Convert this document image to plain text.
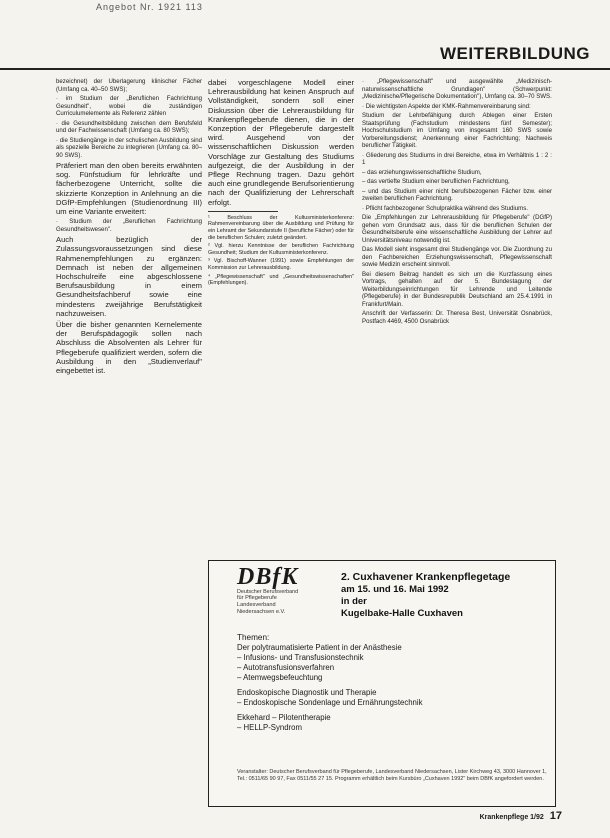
Angebot Nr. 1921 113
WEITERBILDUNG

bezeichnet) der Uberlagerung klinischer Fächer (Umfang ca. 40–50 SWS);

· im Studium der „Beruflichen Fachrichtung Gesundheit", wobei die zuständigen Curriculumelemente als Referenz zählen

· die Gesundheitsbildung zwischen dem Berufsfeld und der Fachwissenschaft (Umfang ca. 80 SWS);

· die Studiengänge in der schulischen Ausbildung sind als spezielle Bereiche zu integrieren (Umfang ca. 80–90 SWS).

Präferiert man den oben bereits erwähnten sog. Fünfstudium für lehrkräfte und fächerbezogene Unterricht, sollte die skizzierte Konzeption in Anlehnung an die DGfP-Empfehlungen (Studienordnung III) um eine Variante erweitert:

· Studium der „Beruflichen Fachrichtung Gesundheitswesen".

Auch bezüglich der Zulassungsvoraussetzungen sind diese Rahmenempfehlungen zu ergänzen: Demnach ist neben der allgemeinen Hochschulreife eine abgeschlossene Berufsausbildung in einem Gesundheitsfachberuf sowie eine mindestens zweijährige Berufstätigkeit nachzuweisen.

Über die bisher genannten Kernelemente der Berufspädagogik sollen nach Abschluss die Absolventen als Lehrer für Pflegeberufe qualifiziert werden, sofern die Ausbildung in den „Studienverlauf" eingebettet ist.

dabei vorgeschlagene Modell einer Lehrerausbildung hat keinen Anspruch auf Vollständigkeit, sondern soll einer Diskussion über die Lehrerausbildung für Krankenpflegeberufe dienen, die in der Konzeption der Pflegeberufe dargestellt wird. Ausgehend von der wissenschaftlichen Diskussion werden Vorschläge zur Gestaltung des Studiums aufgezeigt, die der Ausbildung in der Pflege Rechnung tragen. Dazu gehört auch eine grundlegende Berufsorientierung nach der Qualifizierung der Lehrerschaft erfolgt.

¹ Beschluss der Kultusministerkonferenz: Rahmenvereinbarung über die Ausbildung und Prüfung für ein Lehramt der Sekundarstufe II (berufliche Fächer) oder für die beruflichen Schulen; zuletzt geändert.

² Vgl. hierzu Kenntnisse der beruflichen Fachrichtung Gesundheit; Studium der Kultusministerkonferenz.

³ Vgl. Bischoff-Wanner (1991) sowie Empfehlungen der Kommission zur Lehrerausbildung.

⁴ „Pflegewissenschaft" und „Gesundheitswissenschaften" (Empfehlungen).

· „Pflegewissenschaft" und ausgewählte „Medizinisch-naturwissenschaftliche Grundlagen" (Schwerpunkt: „Medizinische/Pflegerische Dokumentation"), Umfang ca. 30–70 SWS.

· Die wichtigsten Aspekte der KMK-Rahmenvereinbarung sind:

Studium der Lehrbefähigung durch Ablegen einer Ersten Staatsprüfung (Fachstudium mindestens fünf Semester); Hochschulstudium im Umfang von insgesamt 160 SWS sowie Vorbereitungsdienst; Anerkennung einer Fachrichtung; Nachweis beruflicher Tätigkeit.

· Gliederung des Studiums in drei Bereiche, etwa im Verhältnis 1 : 2 : 1

– das erziehungswissenschaftliche Studium,

– das vertiefte Studium einer beruflichen Fachrichtung,

– und das Studium einer nicht berufsbezogenen Fächer bzw. einer zweiten beruflichen Fachrichtung.

· Pflicht fachbezogener Schulpraktika während des Studiums.

Die „Empfehlungen zur Lehrerausbildung für Pflegeberufe" (DGfP) gehen vom Grundsatz aus, dass für die beruflichen Schulen der Gesundheitsberufe eine wissenschaftliche Ausbildung der Lehrer auf Universitätsniveau notwendig ist.

Das Modell sieht insgesamt drei Studiengänge vor. Die Zuordnung zu den Fachbereichen Erziehungswissenschaft, Pflegewissenschaft sowie Medizin erscheint sinnvoll.

Bei diesem Beitrag handelt es sich um die Kurzfassung eines Vortrags, gehalten auf der 5. Bundestagung der Weiterbildungseinrichtungen für Lehrende und Leitende (Pflegeberufe) in der Bundesrepublik Deutschland am 25.4.1991 in Frankfurt/Main.

Anschrift der Verfasserin: Dr. Theresa Best, Universität Osnabrück, Postfach 4469, 4500 Osnabrück

DBfK
Deutscher Berufsverband
für Pflegeberufe
Landesverband
Niedersachsen e.V.
2. Cuxhavener Krankenpflegetage
am 15. und 16. Mai 1992
in der
Kugelbake-Halle Cuxhaven
Themen:
Der polytraumatisierte Patient in der Anästhesie
– Infusions- und Transfusionstechnik
– Autotransfusionsverfahren
– Atemwegsbefeuchtung
Endoskopische Diagnostik und Therapie
– Endoskopische Sondenlage und Ernährungstechnik
Ekkehard – Pilotentherapie
– HELLP-Syndrom
Veranstalter: Deutscher Berufsverband für Pflegeberufe, Landesverband Niedersachsen, Lister Kirchweg 43, 3000 Hannover 1, Tel.: 0511/65 90 97, Fax 0511/55 27 15. Programm erhältlich beim Kursbüro „Cuxhaven 1992" beim DBfK angefordert werden.
Krankenpflege 1/92 17
